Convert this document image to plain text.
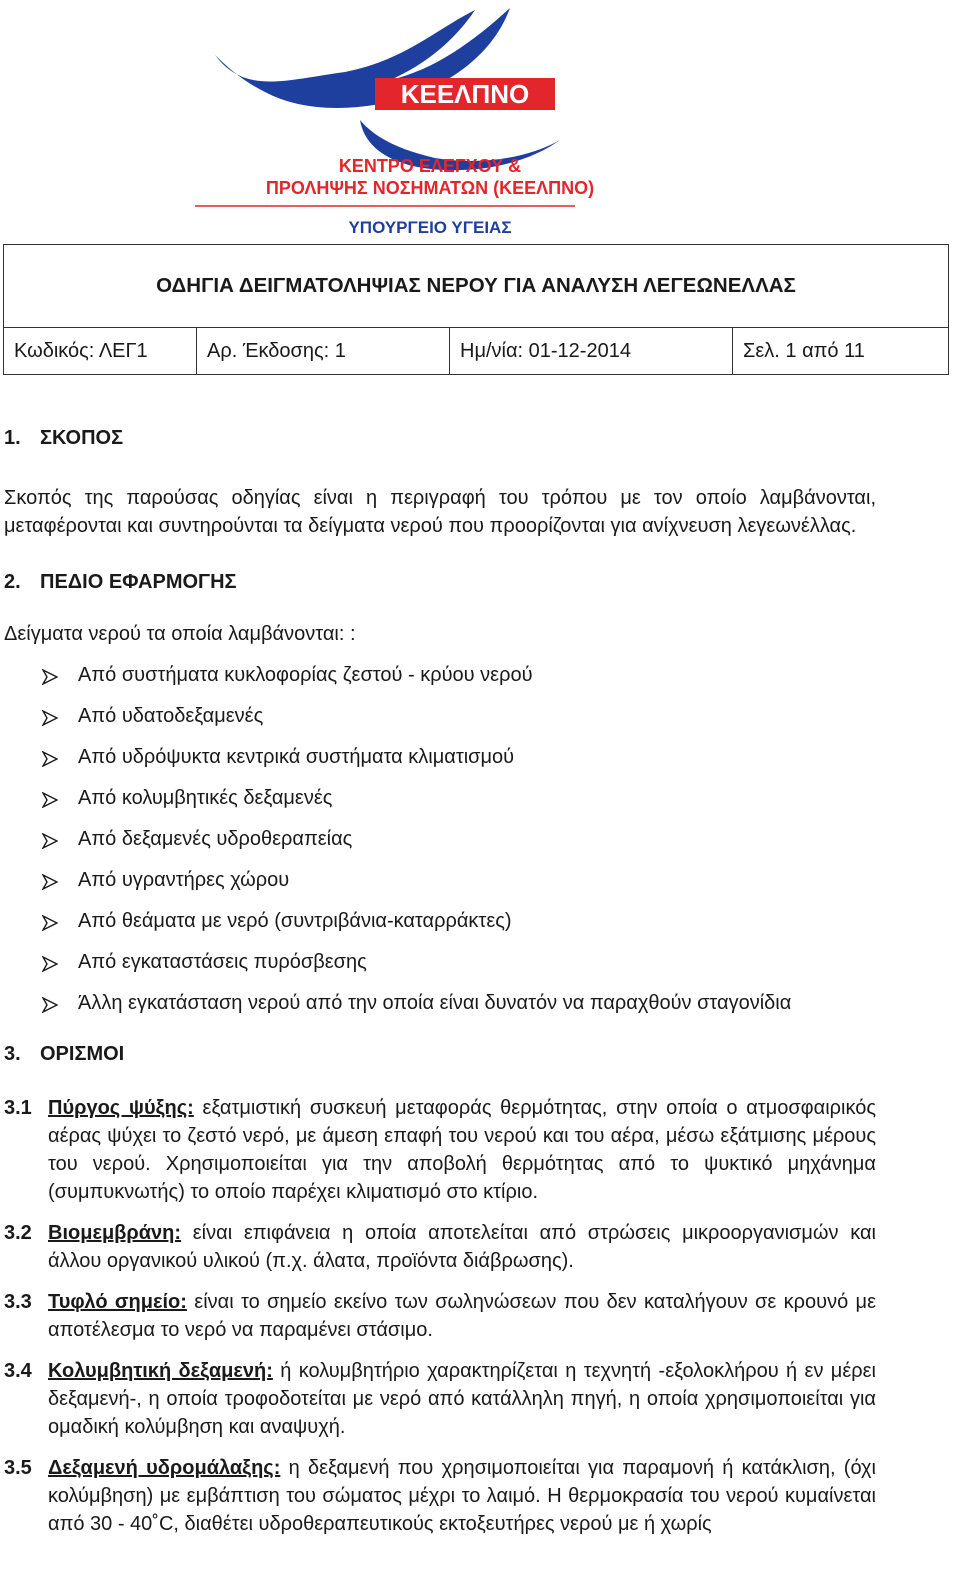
ΚΕΕΛΠΝΟ
ΚΕΝΤΡΟ ΕΛΕΓΧΟΥ &
ΠΡΟΛΗΨΗΣ ΝΟΣΗΜΑΤΩΝ (ΚΕΕΛΠΝΟ)
ΥΠΟΥΡΓΕΙΟ ΥΓΕΙΑΣ
ΟΔΗΓΙΑ ΔΕΙΓΜΑΤΟΛΗΨΙΑΣ ΝΕΡΟΥ ΓΙΑ ΑΝΑΛΥΣΗ ΛΕΓΕΩΝΕΛΛΑΣ
Κωδικός: ΛΕΓ1	Αρ. Έκδοσης: 1	Ημ/νία: 01-12-2014	Σελ. 1 από 11
1. ΣΚΟΠΟΣ

Σκοπός της παρούσας οδηγίας είναι η περιγραφή του τρόπου με τον οποίο λαμβάνονται, μεταφέρονται και συντηρούνται τα δείγματα νερού που προορίζονται για ανίχνευση λεγεωνέλλας.

2. ΠΕΔΙΟ ΕΦΑΡΜΟΓΗΣ

Δείγματα νερού τα οποία λαμβάνονται: :

Από συστήματα κυκλοφορίας ζεστού - κρύου νερού
Από υδατοδεξαμενές
Από υδρόψυκτα κεντρικά συστήματα κλιματισμού
Από κολυμβητικές δεξαμενές
Από δεξαμενές υδροθεραπείας
Από υγραντήρες χώρου
Από θεάματα με νερό (συντριβάνια-καταρράκτες)
Από εγκαταστάσεις πυρόσβεσης
Άλλη εγκατάσταση νερού από την οποία είναι δυνατόν να παραχθούν σταγονίδια
3. ΟΡΙΣΜΟΙ
3.1 Πύργος ψύξης: εξατμιστική συσκευή μεταφοράς θερμότητας, στην οποία ο ατμοσφαιρικός αέρας ψύχει το ζεστό νερό, με άμεση επαφή του νερού και του αέρα, μέσω εξάτμισης μέρους του νερού. Χρησιμοποιείται για την αποβολή θερμότητας από το ψυκτικό μηχάνημα (συμπυκνωτής) το οποίο παρέχει κλιματισμό στο κτίριο.
3.2 Βιομεμβράνη: είναι επιφάνεια η οποία αποτελείται από στρώσεις μικροοργανισμών και άλλου οργανικού υλικού (π.χ. άλατα, προϊόντα διάβρωσης).
3.3 Τυφλό σημείο: είναι το σημείο εκείνο των σωληνώσεων που δεν καταλήγουν σε κρουνό με αποτέλεσμα το νερό να παραμένει στάσιμο.
3.4 Κολυμβητική δεξαμενή: ή κολυμβητήριο χαρακτηρίζεται η τεχνητή -εξολοκλήρου ή εν μέρει δεξαμενή-, η οποία τροφοδοτείται με νερό από κατάλληλη πηγή, η οποία χρησιμοποιείται για ομαδική κολύμβηση και αναψυχή.
3.5 Δεξαμενή υδρομάλαξης: η δεξαμενή που χρησιμοποιείται για παραμονή ή κατάκλιση, (όχι κολύμβηση) με εμβάπτιση του σώματος μέχρι το λαιμό. Η θερμοκρασία του νερού κυμαίνεται από 30 - 40˚C, διαθέτει υδροθεραπευτικούς εκτοξευτήρες νερού με ή χωρίς
